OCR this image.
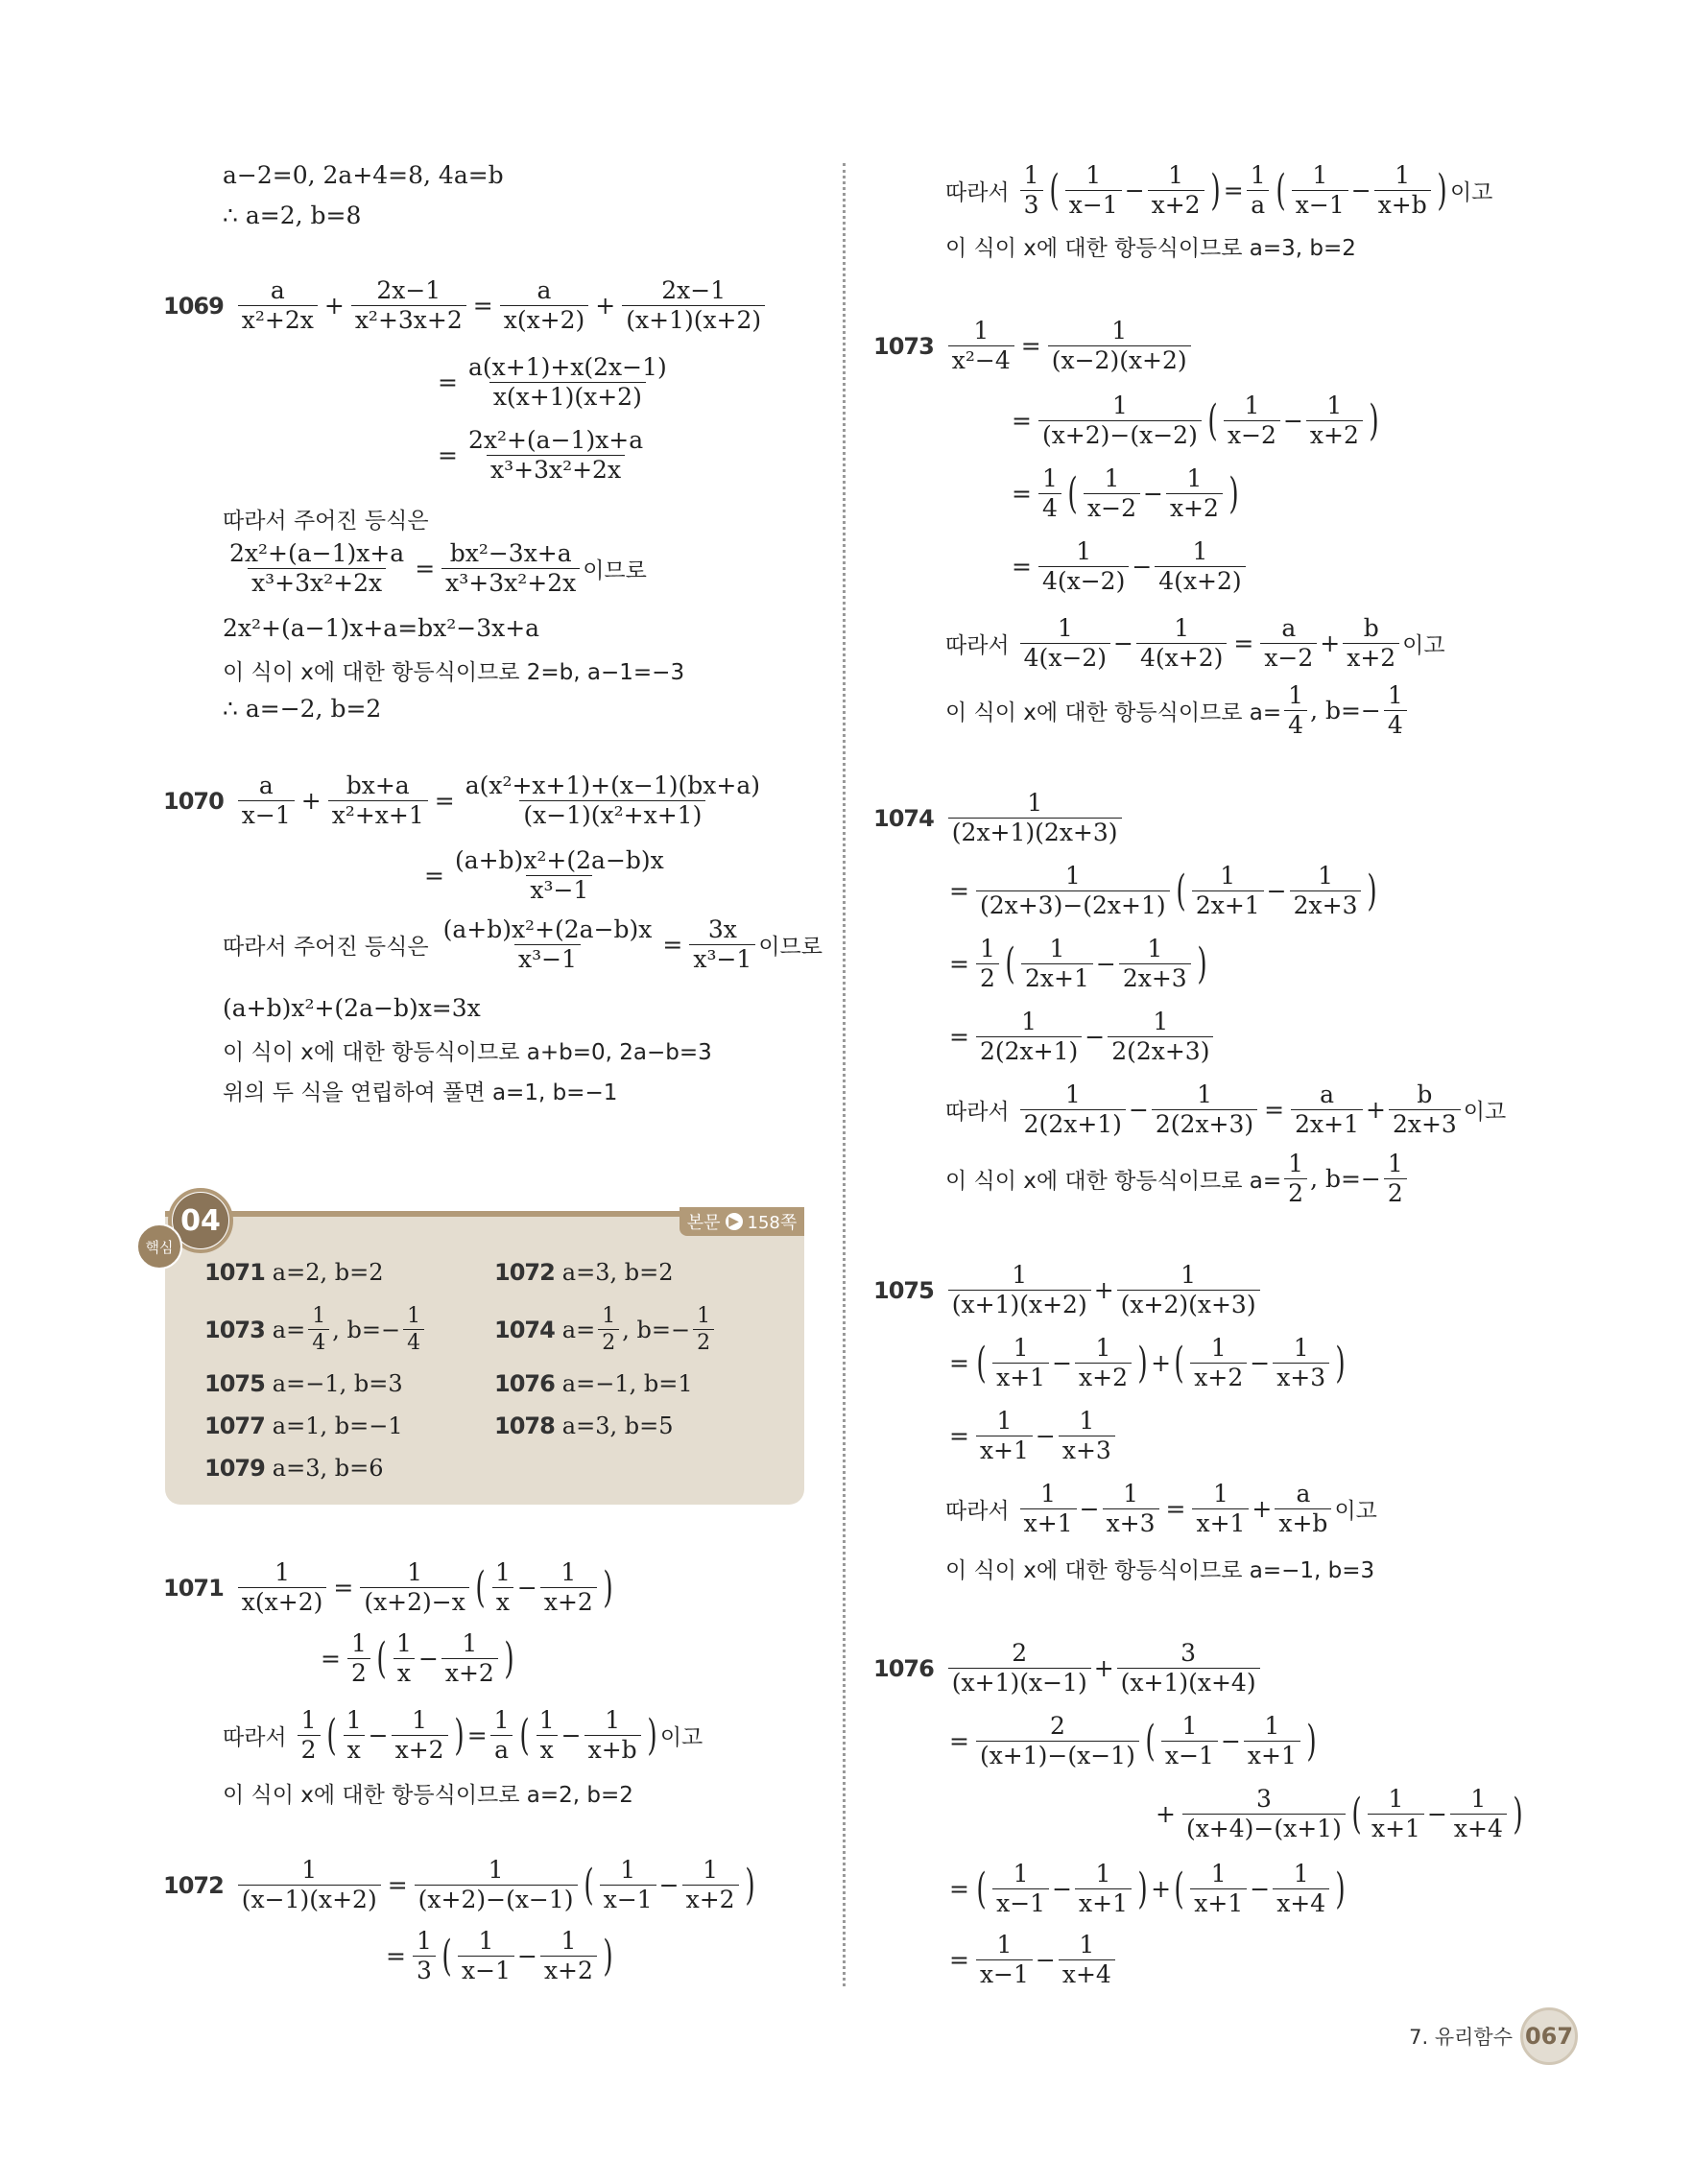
a−2=0, 2a+4=8, 4a=b
∴ a=2, b=8
$1069 \frac{a}{\text{x²+2x}} + \frac{2x-1}{\text{x²+3x+2}} = \frac{a}{x(x+2)} + \frac{2x-1}{(x+1)(x+2)}$
= $\frac{a(x+1)+x(2x-1)}{x(x+1)(x+2)}$
= $\frac{\text{2x²+(a−1)x+a}}{\text{x³+3x²+2x}}$
따라서 주어진 등식은
$\frac{\text{2x²+(a−1)x+a}}{\text{x³+3x²+2x}} = \frac{\text{bx²−3x+a}}{\text{x³+3x²+2x}}$ 이므로
2x²+(a−1)x+a=bx²−3x+a
이 식이 x에 대한 항등식이므로 2=b, a−1=−3
∴ a=−2, b=2
$1070 \frac{a}{x-1} + \frac{bx+a}{\text{x²+x+1}} = \frac{\text{a(x²+x+1)+(x−1)(bx+a)}}{\text{(x−1)(x²+x+1)}}$
= $\frac{\text{(a+b)x²+(2a−b)x}}{\text{x³−1}}$
따라서 주어진 등식은 $\frac{\text{(a+b)x²+(2a−b)x}}{\text{x³−1}} = \frac{3x}{\text{x³−1}}$ 이므로
(a+b)x²+(2a−b)x=3x
이 식이 x에 대한 항등식이므로 a+b=0, 2a−b=3
위의 두 식을 연립하여 풀면 a=1, b=−1
04
핵심
본문 ▶ 158쪽
1071 a=2, b=2	1072 a=3, b=2
1073 $a= \frac{1}{4}$ , $b=- \frac{1}{4}$	1074 $a= \frac{1}{2}$ , $b=- \frac{1}{2}$
1075 a=−1, b=3	1076 a=−1, b=1
1077 a=1, b=−1	1078 a=3, b=5
1079 a=3, b=6
$1071 \frac{1}{x(x+2)} = \frac{1}{(x+2)-x}$ ( $\frac{1}{x} - \frac{1}{x+2}$ )
= $\frac{1}{2}$ ( $\frac{1}{x} - \frac{1}{x+2}$ )
따라서 $\frac{1}{2}$ ( $\frac{1}{x} - \frac{1}{x+2}$ ) = $\frac{1}{a}$ ( $\frac{1}{x} - \frac{1}{x+b}$ ) 이고
이 식이 x에 대한 항등식이므로 a=2, b=2
$1072 \frac{1}{(x-1)(x+2)} = \frac{1}{(x+2)-(x-1)}$ ( $\frac{1}{x-1} - \frac{1}{x+2}$ )
= $\frac{1}{3}$ ( $\frac{1}{x-1} - \frac{1}{x+2}$ )
따라서 $\frac{1}{3}$ ( $\frac{1}{x-1} - \frac{1}{x+2}$ ) = $\frac{1}{a}$ ( $\frac{1}{x-1} - \frac{1}{x+b}$ ) 이고
이 식이 x에 대한 항등식이므로 a=3, b=2
$1073 \frac{1}{\text{x²−4}} = \frac{1}{(x-2)(x+2)}$
= $\frac{1}{(x+2)-(x-2)}$ ( $\frac{1}{x-2} - \frac{1}{x+2}$ )
= $\frac{1}{4}$ ( $\frac{1}{x-2} - \frac{1}{x+2}$ )
= $\frac{1}{4(x-2)} - \frac{1}{4(x+2)}$
따라서 $\frac{1}{4(x-2)} - \frac{1}{4(x+2)} = \frac{a}{x-2} + \frac{b}{x+2}$ 이고
이 식이 x에 대한 항등식이므로 $a= \frac{1}{4}$ , $b=- \frac{1}{4}$
$1074 \frac{1}{(2x+1)(2x+3)}$
= $\frac{1}{(2x+3)-(2x+1)}$ ( $\frac{1}{2x+1} - \frac{1}{2x+3}$ )
= $\frac{1}{2}$ ( $\frac{1}{2x+1} - \frac{1}{2x+3}$ )
= $\frac{1}{2(2x+1)} - \frac{1}{2(2x+3)}$
따라서 $\frac{1}{2(2x+1)} - \frac{1}{2(2x+3)} = \frac{a}{2x+1} + \frac{b}{2x+3}$ 이고
이 식이 x에 대한 항등식이므로 $a= \frac{1}{2}$ , $b=- \frac{1}{2}$
$1075 \frac{1}{(x+1)(x+2)} + \frac{1}{(x+2)(x+3)}$
= ( $\frac{1}{x+1} - \frac{1}{x+2}$ ) + ( $\frac{1}{x+2} - \frac{1}{x+3}$ )
= $\frac{1}{x+1} - \frac{1}{x+3}$
따라서 $\frac{1}{x+1} - \frac{1}{x+3} = \frac{1}{x+1} + \frac{a}{x+b}$ 이고
이 식이 x에 대한 항등식이므로 a=−1, b=3
$1076 \frac{2}{(x+1)(x-1)} + \frac{3}{(x+1)(x+4)}$
= $\frac{2}{(x+1)-(x-1)}$ ( $\frac{1}{x-1} - \frac{1}{x+1}$ )
+ $\frac{3}{(x+4)-(x+1)}$ ( $\frac{1}{x+1} - \frac{1}{x+4}$ )
= ( $\frac{1}{x-1} - \frac{1}{x+1}$ ) + ( $\frac{1}{x+1} - \frac{1}{x+4}$ )
= $\frac{1}{x-1} - \frac{1}{x+4}$
7. 유리함수 067
